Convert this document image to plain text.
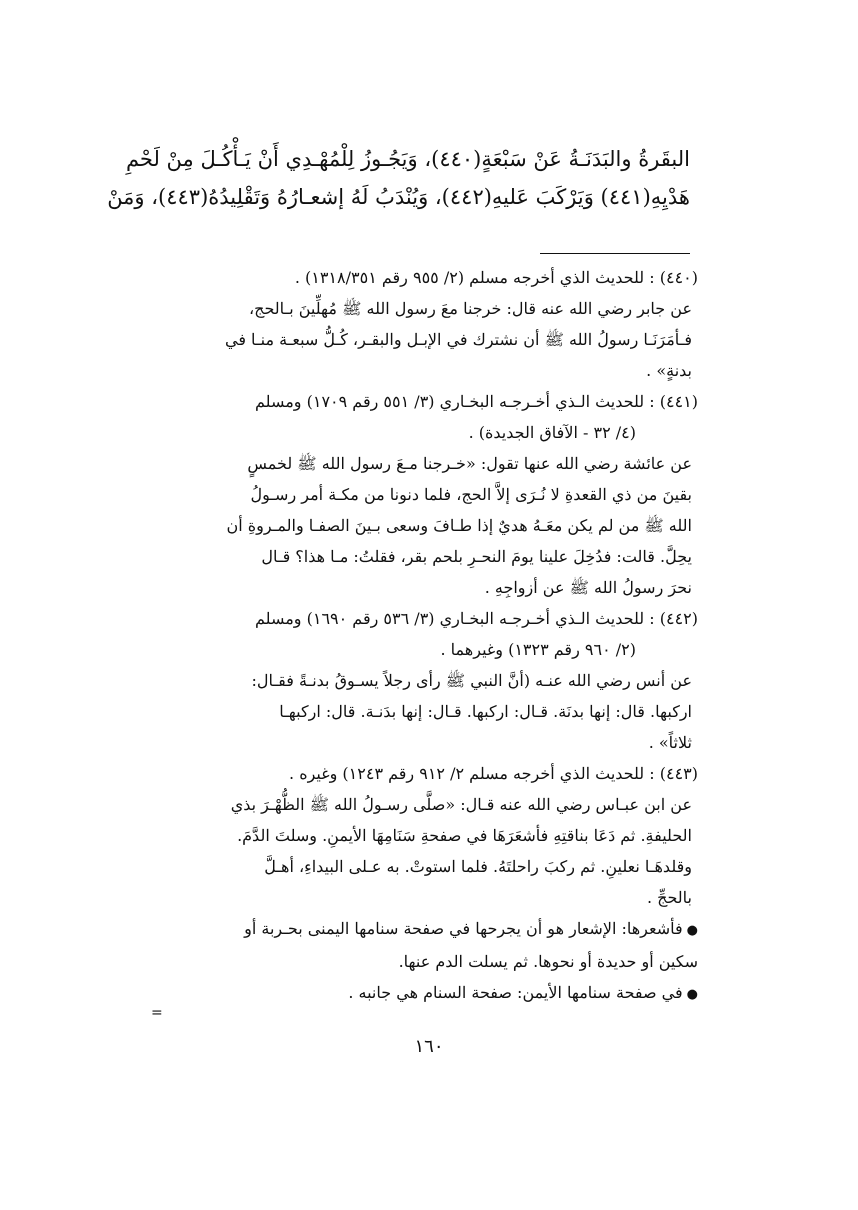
البقَرةُ والبَدَنَـةُ عَنْ سَبْعَةٍ(٤٤٠)، وَيَجُـوزُ لِلْمُهْـدِي أَنْ يَـأْكُـلَ مِنْ لَحْمِ
هَدْيِهِ(٤٤١) وَيَرْكَبَ عَليهِ(٤٤٢)، وَيُنْدَبُ لَهُ إشعـارُهُ وَتَقْلِيدُهُ(٤٤٣)، وَمَنْ
(٤٤٠) : للحديث الذي أخرجه مسلم (٢/ ٩٥٥ رقم ١٣١٨/٣٥١) .
عن جابر رضي الله عنه قال: خرجنا معَ رسول الله ﷺ مُهلِّينَ بـالحج،
فـأمَرَنَـا رسولُ الله ﷺ أن نشترك في الإبـل والبقـر، كُـلُّ سبعـة منـا في
بدنةٍ» .
(٤٤١) : للحديث الـذي أخـرجـه البخـاري (٣/ ٥٥١ رقم ١٧٠٩) ومسلم
(٤/ ٣٢ - الآفاق الجديدة) .
عن عائشة رضي الله عنها تقول: «خـرجنا مـعَ رسول الله ﷺ لخمسٍ
بقينَ من ذي القعدةِ لا نُـرَى إلاَّ الحج، فلما دنونا من مكـة أمر رسـولُ
الله ﷺ من لم يكن معَـهُ هديٌ إذا طـافَ وسعى بـينَ الصفـا والمـروةِ أن
يحِلَّ. قالت: فدُخِلَ علينا يومَ النحـرِ بلحم بقر، فقلتُ: مـا هذا؟ قـال
نحرَ رسولُ الله ﷺ عن أزواجِهِ .
(٤٤٢) : للحديث الـذي أخـرجـه البخـاري (٣/ ٥٣٦ رقم ١٦٩٠) ومسلم
(٢/ ٩٦٠ رقم ١٣٢٣) وغيرهما .
عن أنس رضي الله عنـه (أنَّ النبي ﷺ رأى رجلاً يسـوقُ بدنـةً فقـال:
اركبها. قال: إنها بدنَة. قـال: اركبها. قـال: إنها بدَنـة. قال: اركبهـا
ثلاثاً» .
(٤٤٣) : للحديث الذي أخرجه مسلم ٢/ ٩١٢ رقم ١٢٤٣) وغيره .
عن ابن عبـاس رضي الله عنه قـال: «صلَّى رسـولُ الله ﷺ الظُّهْـرَ بذي
الحليفةِ. ثم دَعَا بناقتِهِ فأشعَرَهَا في صفحةِ سَنَامِهَا الأيمنِ. وسلتَ الدَّمَ.
وقلدهَـا نعلينِ. ثم ركبَ راحلتَهُ. فلما استوتْ. به عـلى البيداءِ، أهـلَّ
بالحجِّ .
●فأشعرها: الإشعار هو أن يجرحها في صفحة سنامها اليمنى بحـربة أو
سكين أو حديدة أو نحوها. ثم يسلت الدم عنها.
●في صفحة سنامها الأيمن: صفحة السنام هي جانبه .
=
١٦٠
